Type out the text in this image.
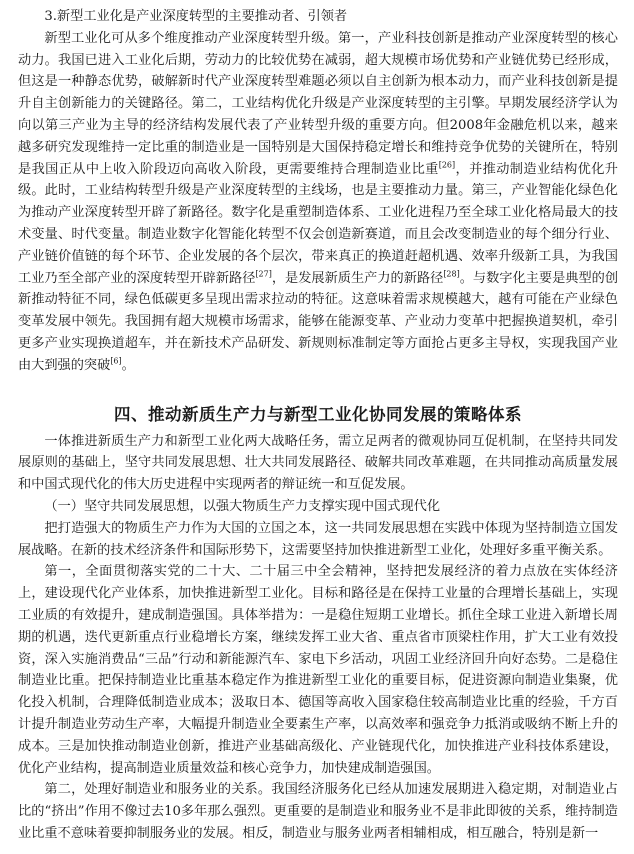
3.新型工业化是产业深度转型的主要推动者、引领者

新型工业化可从多个维度推动产业深度转型升级。第一，产业科技创新是推动产业深度转型的核心动力。我国已进入工业化后期，劳动力的比较优势在减弱，超大规模市场优势和产业链优势已经形成，但这是一种静态优势，破解新时代产业深度转型难题必须以自主创新为根本动力，而产业科技创新是提升自主创新能力的关键路径。第二，工业结构优化升级是产业深度转型的主引擎。早期发展经济学认为向以第三产业为主导的经济结构发展代表了产业转型升级的重要方向。但2008年金融危机以来，越来越多研究发现维持一定比重的制造业是一国特别是大国保持稳定增长和维持竞争优势的关键所在，特别是我国正从中上收入阶段迈向高收入阶段，更需要维持合理制造业比重[26]，并推动制造业结构优化升级。此时，工业结构转型升级是产业深度转型的主线场，也是主要推动力量。第三，产业智能化绿色化为推动产业深度转型开辟了新路径。数字化是重塑制造体系、工业化进程乃至全球工业化格局最大的技术变量、时代变量。制造业数字化智能化转型不仅会创造新赛道，而且会改变制造业的每个细分行业、产业链价值链的每个环节、企业发展的各个层次，带来真正的换道赶超机遇、效率升级新工具，为我国工业乃至全部产业的深度转型开辟新路径[27]，是发展新质生产力的新路径[28]。与数字化主要是典型的创新推动特征不同，绿色低碳更多呈现出需求拉动的特征。这意味着需求规模越大，越有可能在产业绿色变革发展中领先。我国拥有超大规模市场需求，能够在能源变革、产业动力变革中把握换道契机，牵引更多产业实现换道超车，并在新技术产品研发、新规则标准制定等方面抢占更多主导权，实现我国产业由大到强的突破[6]。

四、推动新质生产力与新型工业化协同发展的策略体系

一体推进新质生产力和新型工业化两大战略任务，需立足两者的微观协同互促机制，在坚持共同发展原则的基础上，坚守共同发展思想、壮大共同发展路径、破解共同改革难题，在共同推动高质量发展和中国式现代化的伟大历史进程中实现两者的辩证统一和互促发展。

（一）坚守共同发展思想，以强大物质生产力支撑实现中国式现代化

把打造强大的物质生产力作为大国的立国之本，这一共同发展思想在实践中体现为坚持制造立国发展战略。在新的技术经济条件和国际形势下，这需要坚持加快推进新型工业化，处理好多重平衡关系。

第一，全面贯彻落实党的二十大、二十届三中全会精神，坚持把发展经济的着力点放在实体经济上，建设现代化产业体系，加快推进新型工业化。目标和路径是在保持工业量的合理增长基础上，实现工业质的有效提升，建成制造强国。具体举措为：一是稳住短期工业增长。抓住全球工业进入新增长周期的机遇，迭代更新重点行业稳增长方案，继续发挥工业大省、重点省市顶梁柱作用，扩大工业有效投资，深入实施消费品“三品”行动和新能源汽车、家电下乡活动，巩固工业经济回升向好态势。二是稳住制造业比重。把保持制造业比重基本稳定作为推进新型工业化的重要目标，促进资源向制造业集聚，优化投入机制，合理降低制造业成本；汲取日本、德国等高收入国家稳住较高制造业比重的经验，千方百计提升制造业劳动生产率，大幅提升制造业全要素生产率，以高效率和强竞争力抵消或吸纳不断上升的成本。三是加快推动制造业创新，推进产业基础高级化、产业链现代化，加快推进产业科技体系建设，优化产业结构，提高制造业质量效益和核心竞争力，加快建成制造强国。

第二，处理好制造业和服务业的关系。我国经济服务化已经从加速发展期进入稳定期，对制造业占比的“挤出”作用不像过去10多年那么强烈。更重要的是制造业和服务业不是非此即彼的关系，维持制造业比重不意味着要抑制服务业的发展。相反，制造业与服务业两者相辅相成，相互融合，特别是新一
